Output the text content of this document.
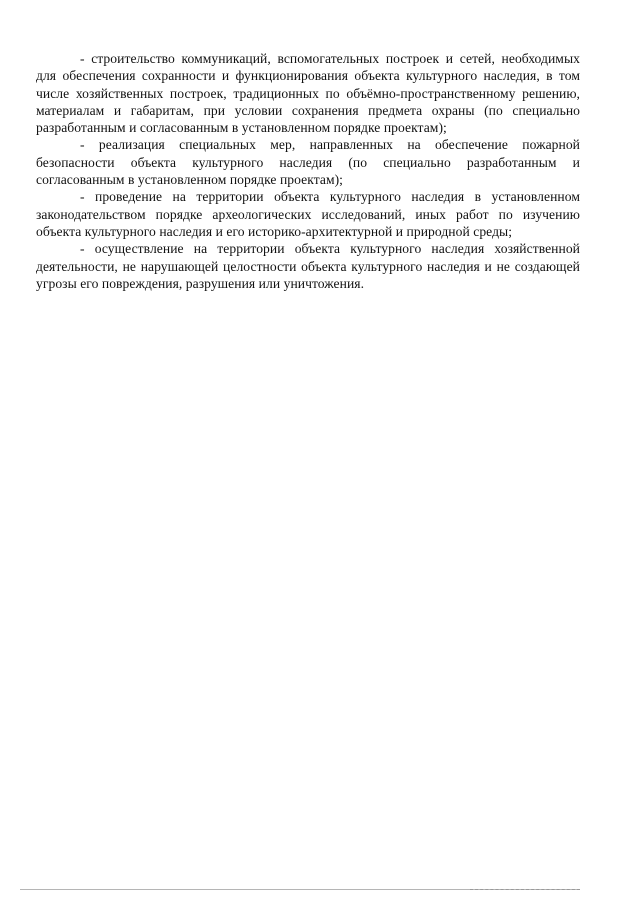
- строительство коммуникаций, вспомогательных построек и сетей, необходимых для обеспечения сохранности и функционирования объекта культурного наследия, в том числе хозяйственных построек, традиционных по объёмно-пространственному решению, материалам и габаритам, при условии сохранения предмета охраны (по специально разработанным и согласованным в установленном порядке проектам);

- реализация специальных мер, направленных на обеспечение пожарной безопасности объекта культурного наследия (по специально разработанным и согласованным в установленном порядке проектам);

- проведение на территории объекта культурного наследия в установленном законодательством порядке археологических исследований, иных работ по изучению объекта культурного наследия и его историко-архитектурной и природной среды;

- осуществление на территории объекта культурного наследия хозяйственной деятельности, не нарушающей целостности объекта культурного наследия и не создающей угрозы его повреждения, разрушения или уничтожения.
